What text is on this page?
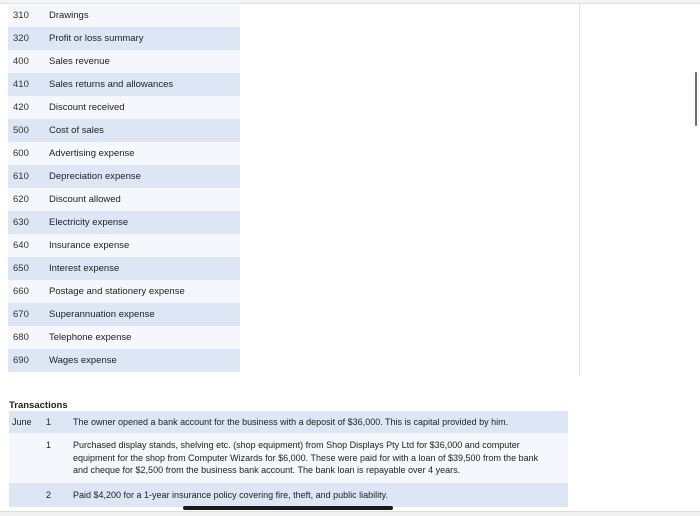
310	Drawings
320	Profit or loss summary
400	Sales revenue
410	Sales returns and allowances
420	Discount received
500	Cost of sales
600	Advertising expense
610	Depreciation expense
620	Discount allowed
630	Electricity expense
640	Insurance expense
650	Interest expense
660	Postage and stationery expense
670	Superannuation expense
680	Telephone expense
690	Wages expense
Transactions
June	1	The owner opened a bank account for the business with a deposit of $36,000. This is capital provided by him.
	1	Purchased display stands, shelving etc. (shop equipment) from Shop Displays Pty Ltd for $36,000 and computer equipment for the shop from Computer Wizards for $6,000. These were paid for with a loan of $39,500 from the bank and cheque for $2,500 from the business bank account. The bank loan is repayable over 4 years.
	2	Paid $4,200 for a 1-year insurance policy covering fire, theft, and public liability.
